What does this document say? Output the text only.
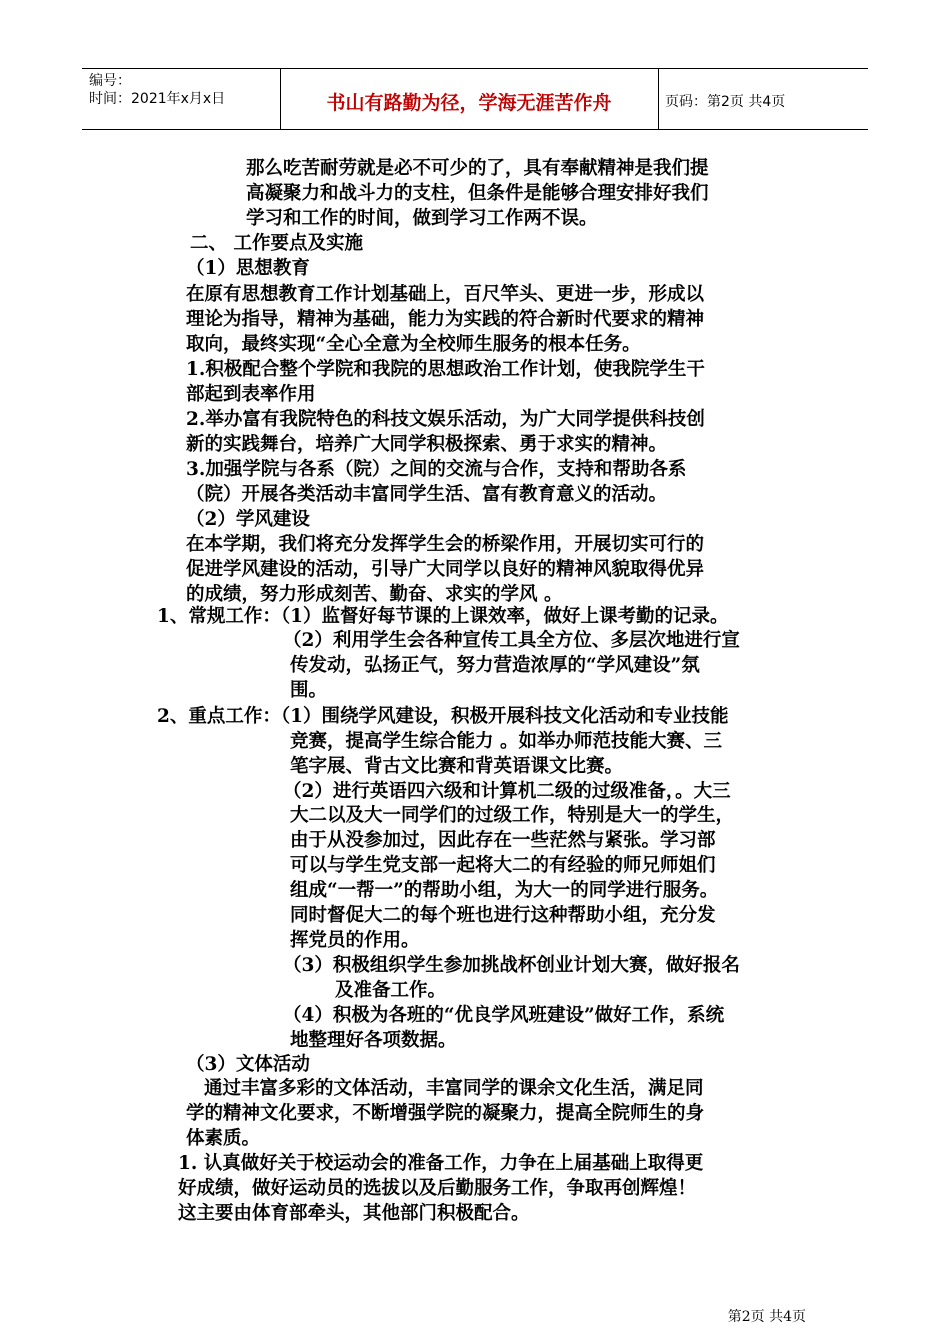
编号：
时间：2021年x月x日	书山有路勤为径，学海无涯苦作舟	页码：第2页 共4页
那么吃苦耐劳就是必不可少的了，具有奉献精神是我们提
高凝聚力和战斗力的支柱，但条件是能够合理安排好我们
学习和工作的时间，做到学习工作两不误。
二、 工作要点及实施
（1）思想教育
在原有思想教育工作计划基础上，百尺竿头、更进一步，形成以
理论为指导，精神为基础，能力为实践的符合新时代要求的精神
取向，最终实现“全心全意为全校师生服务的根本任务。
1.积极配合整个学院和我院的思想政治工作计划，使我院学生干
部起到表率作用
2.举办富有我院特色的科技文娱乐活动，为广大同学提供科技创
新的实践舞台，培养广大同学积极探索、勇于求实的精神。
3.加强学院与各系（院）之间的交流与合作，支持和帮助各系
（院）开展各类活动丰富同学生活、富有教育意义的活动。
（2）学风建设
在本学期，我们将充分发挥学生会的桥梁作用，开展切实可行的
促进学风建设的活动，引导广大同学以良好的精神风貌取得优异
的成绩，努力形成刻苦、勤奋、求实的学风 。
1、常规工作：（1）监督好每节课的上课效率，做好上课考勤的记录。
（2）利用学生会各种宣传工具全方位、多层次地进行宣
传发动，弘扬正气，努力营造浓厚的“学风建设”氛
围。
2、重点工作：（1）围绕学风建设，积极开展科技文化活动和专业技能
竞赛，提高学生综合能力 。如举办师范技能大赛、三
笔字展、背古文比赛和背英语课文比赛。
（2）进行英语四六级和计算机二级的过级准备，。大三
大二以及大一同学们的过级工作，特别是大一的学生，
由于从没参加过，因此存在一些茫然与紧张。学习部
可以与学生党支部一起将大二的有经验的师兄师姐们
组成“一帮一”的帮助小组，为大一的同学进行服务。
同时督促大二的每个班也进行这种帮助小组，充分发
挥党员的作用。
（3）积极组织学生参加挑战杯创业计划大赛，做好报名
及准备工作。
（4）积极为各班的“优良学风班建设”做好工作，系统
地整理好各项数据。
（3）文体活动
通过丰富多彩的文体活动，丰富同学的课余文化生活，满足同
学的精神文化要求，不断增强学院的凝聚力，提高全院师生的身
体素质。
1. 认真做好关于校运动会的准备工作，力争在上届基础上取得更
好成绩，做好运动员的选拔以及后勤服务工作，争取再创辉煌！
这主要由体育部牵头，其他部门积极配合。
第2页 共4页
